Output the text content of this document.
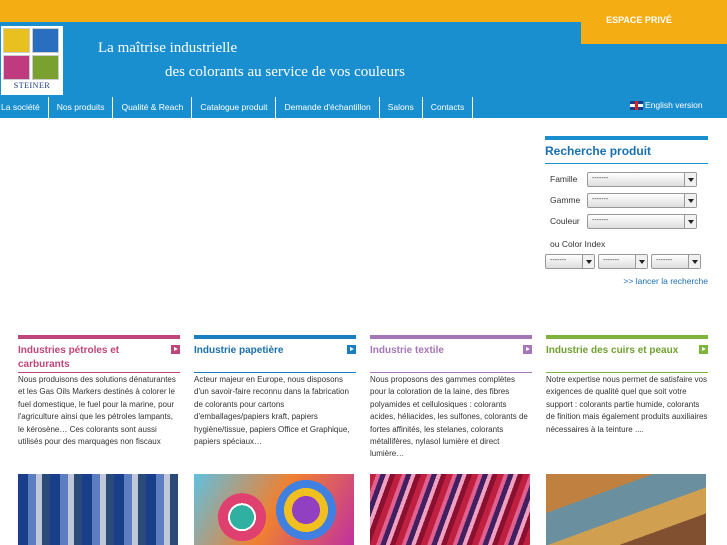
ESPACE PRIVÉ
STEINER
La maîtrise industrielle
des colorants au service de vos couleurs
La société	Nos produits	Qualité & Reach	Catalogue produit	Demande d'échantillon	Salons	Contacts	English version
Recherche produit
Famille	-------
Gamme	-------
Couleur	-------
ou Color Index
-------	-------	-------
>> lancer la recherche
Industries pétroles et carburants
Nous produisons des solutions dénaturantes et les Gas Oils Markers destinés à colorer le fuel domestique, le fuel pour la marine, pour l'agriculture ainsi que les pétroles lampants, le kérosène… Ces colorants sont aussi utilisés pour des marquages non fiscaux
Industrie papetière
Acteur majeur en Europe, nous disposons d'un savoir-faire reconnu dans la fabrication de colorants pour cartons d'emballages/papiers kraft, papiers hygiène/tissue, papiers Office et Graphique, papiers spéciaux…
Industrie textile
Nous proposons des gammes complètes pour la coloration de la laine, des fibres polyamides et cellulosiques : colorants acides, héliacides, les sulfones, colorants de fortes affinités, les stelanes, colorants métallifères, nylasol lumière et direct lumière…
Industrie des cuirs et peaux
Notre expertise nous permet de satisfaire vos exigences de qualité quel que soit votre support : colorants partie humide, colorants de finition mais également produits auxiliaires nécessaires à la teinture ....
